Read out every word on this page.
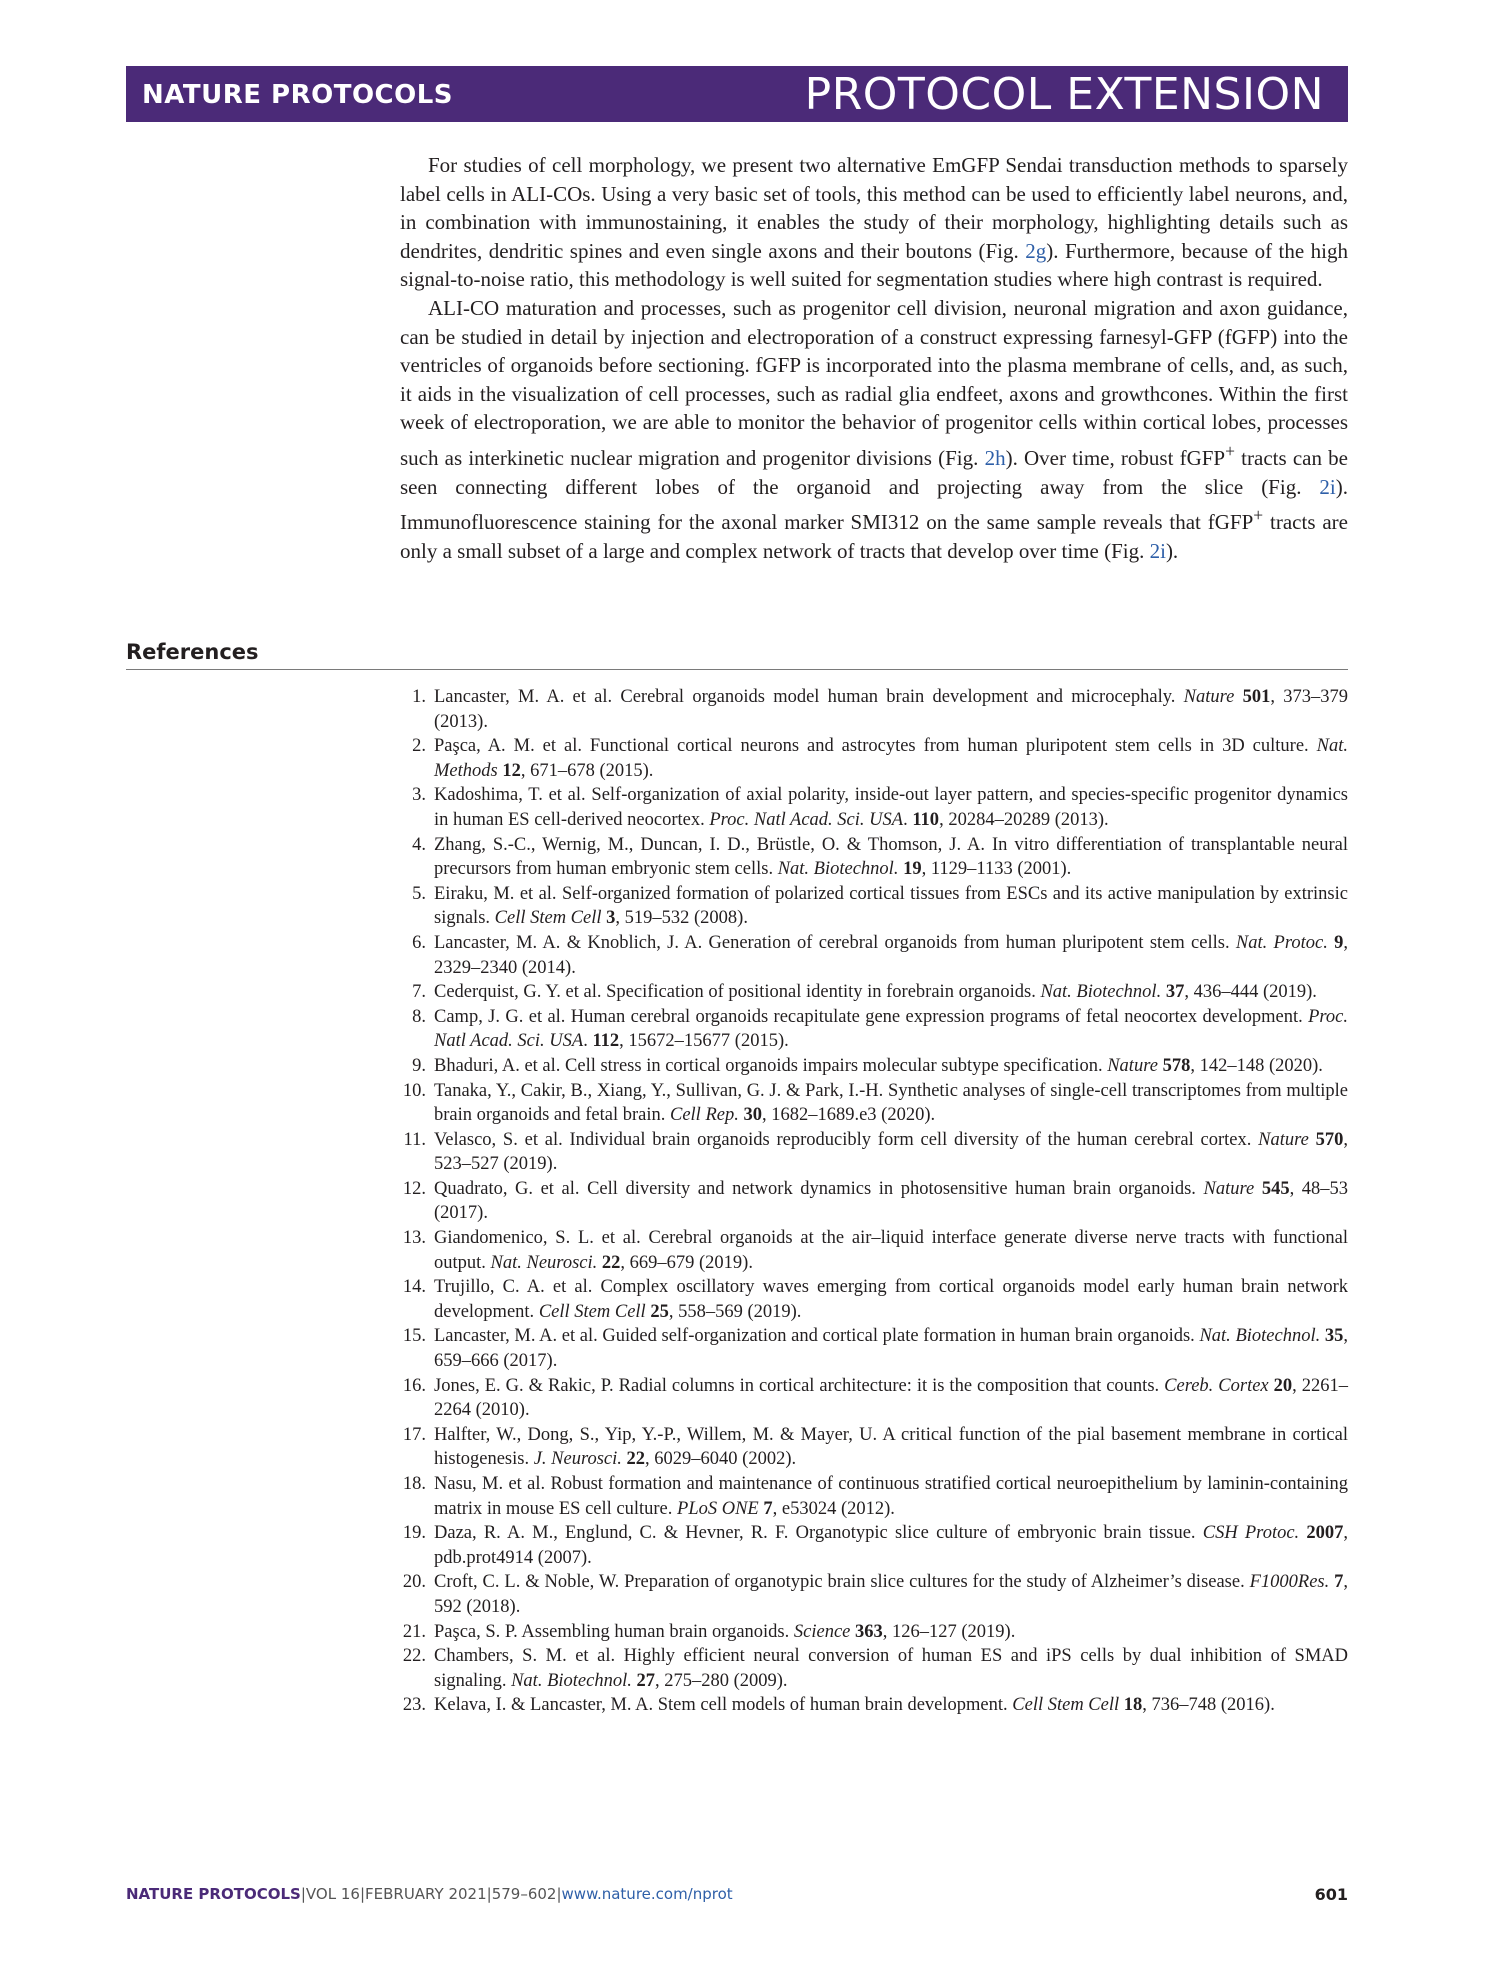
NATURE PROTOCOLS	PROTOCOL EXTENSION

For studies of cell morphology, we present two alternative EmGFP Sendai transduction methods to sparsely label cells in ALI-COs. Using a very basic set of tools, this method can be used to efficiently label neurons, and, in combination with immunostaining, it enables the study of their morphology, highlighting details such as dendrites, dendritic spines and even single axons and their boutons (Fig. 2g). Furthermore, because of the high signal-to-noise ratio, this methodology is well suited for segmentation studies where high contrast is required.

ALI-CO maturation and processes, such as progenitor cell division, neuronal migration and axon guidance, can be studied in detail by injection and electroporation of a construct expressing farnesyl-GFP (fGFP) into the ventricles of organoids before sectioning. fGFP is incorporated into the plasma membrane of cells, and, as such, it aids in the visualization of cell processes, such as radial glia endfeet, axons and growthcones. Within the first week of electroporation, we are able to monitor the behavior of progenitor cells within cortical lobes, processes such as interkinetic nuclear migration and progenitor divisions (Fig. 2h). Over time, robust fGFP+ tracts can be seen connecting different lobes of the organoid and projecting away from the slice (Fig. 2i). Immunofluorescence staining for the axonal marker SMI312 on the same sample reveals that fGFP+ tracts are only a small subset of a large and complex network of tracts that develop over time (Fig. 2i).

References
1. Lancaster, M. A. et al. Cerebral organoids model human brain development and microcephaly. Nature 501, 373–379 (2013).
2. Paşca, A. M. et al. Functional cortical neurons and astrocytes from human pluripotent stem cells in 3D culture. Nat. Methods 12, 671–678 (2015).
3. Kadoshima, T. et al. Self-organization of axial polarity, inside-out layer pattern, and species-specific progenitor dynamics in human ES cell-derived neocortex. Proc. Natl Acad. Sci. USA. 110, 20284–20289 (2013).
4. Zhang, S.-C., Wernig, M., Duncan, I. D., Brüstle, O. & Thomson, J. A. In vitro differentiation of transplantable neural precursors from human embryonic stem cells. Nat. Biotechnol. 19, 1129–1133 (2001).
5. Eiraku, M. et al. Self-organized formation of polarized cortical tissues from ESCs and its active manipulation by extrinsic signals. Cell Stem Cell 3, 519–532 (2008).
6. Lancaster, M. A. & Knoblich, J. A. Generation of cerebral organoids from human pluripotent stem cells. Nat. Protoc. 9, 2329–2340 (2014).
7. Cederquist, G. Y. et al. Specification of positional identity in forebrain organoids. Nat. Biotechnol. 37, 436–444 (2019).
8. Camp, J. G. et al. Human cerebral organoids recapitulate gene expression programs of fetal neocortex development. Proc. Natl Acad. Sci. USA. 112, 15672–15677 (2015).
9. Bhaduri, A. et al. Cell stress in cortical organoids impairs molecular subtype specification. Nature 578, 142–148 (2020).
10. Tanaka, Y., Cakir, B., Xiang, Y., Sullivan, G. J. & Park, I.-H. Synthetic analyses of single-cell transcriptomes from multiple brain organoids and fetal brain. Cell Rep. 30, 1682–1689.e3 (2020).
11. Velasco, S. et al. Individual brain organoids reproducibly form cell diversity of the human cerebral cortex. Nature 570, 523–527 (2019).
12. Quadrato, G. et al. Cell diversity and network dynamics in photosensitive human brain organoids. Nature 545, 48–53 (2017).
13. Giandomenico, S. L. et al. Cerebral organoids at the air–liquid interface generate diverse nerve tracts with functional output. Nat. Neurosci. 22, 669–679 (2019).
14. Trujillo, C. A. et al. Complex oscillatory waves emerging from cortical organoids model early human brain network development. Cell Stem Cell 25, 558–569 (2019).
15. Lancaster, M. A. et al. Guided self-organization and cortical plate formation in human brain organoids. Nat. Biotechnol. 35, 659–666 (2017).
16. Jones, E. G. & Rakic, P. Radial columns in cortical architecture: it is the composition that counts. Cereb. Cortex 20, 2261–2264 (2010).
17. Halfter, W., Dong, S., Yip, Y.-P., Willem, M. & Mayer, U. A critical function of the pial basement membrane in cortical histogenesis. J. Neurosci. 22, 6029–6040 (2002).
18. Nasu, M. et al. Robust formation and maintenance of continuous stratified cortical neuroepithelium by laminin-containing matrix in mouse ES cell culture. PLoS ONE 7, e53024 (2012).
19. Daza, R. A. M., Englund, C. & Hevner, R. F. Organotypic slice culture of embryonic brain tissue. CSH Protoc. 2007, pdb.prot4914 (2007).
20. Croft, C. L. & Noble, W. Preparation of organotypic brain slice cultures for the study of Alzheimer’s disease. F1000Res. 7, 592 (2018).
21. Paşca, S. P. Assembling human brain organoids. Science 363, 126–127 (2019).
22. Chambers, S. M. et al. Highly efficient neural conversion of human ES and iPS cells by dual inhibition of SMAD signaling. Nat. Biotechnol. 27, 275–280 (2009).
23. Kelava, I. & Lancaster, M. A. Stem cell models of human brain development. Cell Stem Cell 18, 736–748 (2016).
NATURE PROTOCOLS|VOL 16|FEBRUARY 2021|579–602|www.nature.com/nprot	601
